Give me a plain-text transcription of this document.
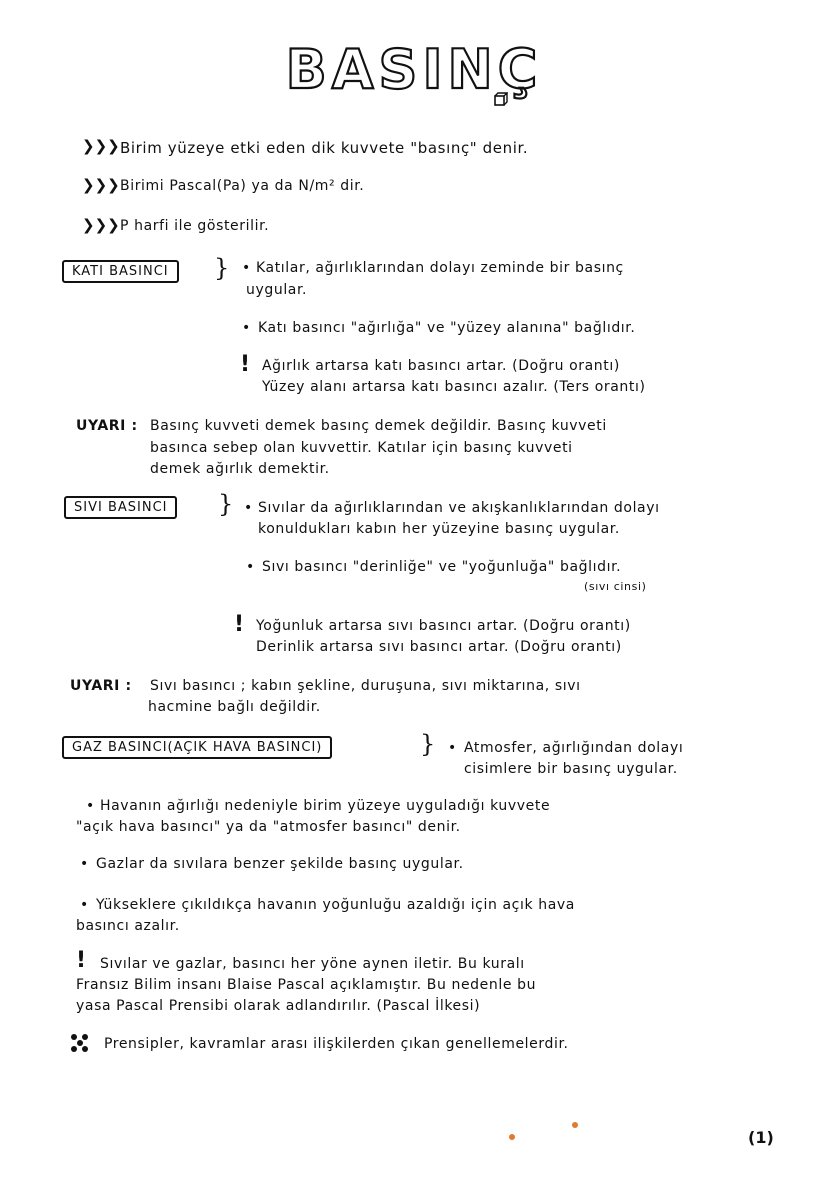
BASINÇ
❯❯❯ Birim yüzeye etki eden dik kuvvete "basınç" denir.
❯❯❯ Birimi Pascal(Pa) ya da N/m² dir.
❯❯❯ P harfi ile gösterilir.
KATI BASINCI	} • Katılar, ağırlıklarından dolayı zeminde bir basınç
uygular.
• Katı basıncı "ağırlığa" ve "yüzey alanına" bağlıdır.
! Ağırlık artarsa katı basıncı artar. (Doğru orantı)
Yüzey alanı artarsa katı basıncı azalır. (Ters orantı)
UYARI : Basınç kuvveti demek basınç demek değildir. Basınç kuvveti
basınca sebep olan kuvvettir. Katılar için basınç kuvveti
demek ağırlık demektir.
SIVI BASINCI	} • Sıvılar da ağırlıklarından ve akışkanlıklarından dolayı
konuldukları kabın her yüzeyine basınç uygular.
• Sıvı basıncı "derinliğe" ve "yoğunluğa" bağlıdır.
(sıvı cinsi)
! Yoğunluk artarsa sıvı basıncı artar. (Doğru orantı)
Derinlik artarsa sıvı basıncı artar. (Doğru orantı)
UYARI : Sıvı basıncı ; kabın şekline, duruşuna, sıvı miktarına, sıvı
hacmine bağlı değildir.
GAZ BASINCI(AÇIK HAVA BASINCI)	} • Atmosfer, ağırlığından dolayı
cisimlere bir basınç uygular.
• Havanın ağırlığı nedeniyle birim yüzeye uyguladığı kuvvete
"açık hava basıncı" ya da "atmosfer basıncı" denir.
• Gazlar da sıvılara benzer şekilde basınç uygular.
• Yükseklere çıkıldıkça havanın yoğunluğu azaldığı için açık hava
basıncı azalır.
! Sıvılar ve gazlar, basıncı her yöne aynen iletir. Bu kuralı
Fransız Bilim insanı Blaise Pascal açıklamıştır. Bu nedenle bu
yasa Pascal Prensibi olarak adlandırılır. (Pascal İlkesi)
Prensipler, kavramlar arası ilişkilerden çıkan genellemelerdir.
(1)
